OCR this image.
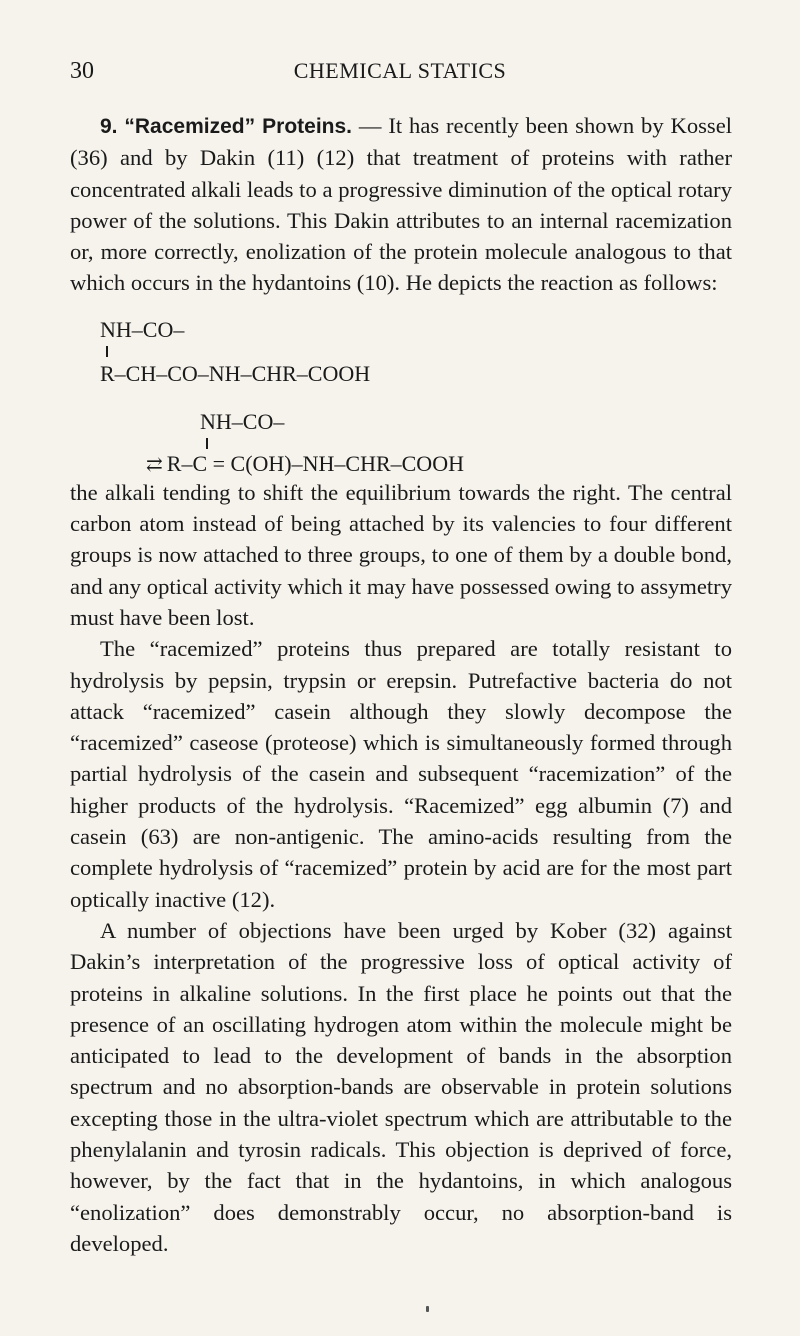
30	CHEMICAL STATICS

9. “Racemized” Proteins. — It has recently been shown by Kossel (36) and by Dakin (11) (12) that treatment of proteins with rather concentrated alkali leads to a progressive diminution of the optical rotary power of the solutions. This Dakin attributes to an internal racemization or, more correctly, enolization of the protein molecule analogous to that which occurs in the hydantoins (10). He depicts the reaction as follows:

NH–CO–
R–CH–CO–NH–CHR–COOH
NH–CO–
⇄ R–C = C(OH)–NH–CHR–COOH

the alkali tending to shift the equilibrium towards the right. The central carbon atom instead of being attached by its valencies to four different groups is now attached to three groups, to one of them by a double bond, and any optical activity which it may have possessed owing to assymetry must have been lost.

The “racemized” proteins thus prepared are totally resistant to hydrolysis by pepsin, trypsin or erepsin. Putrefactive bacteria do not attack “racemized” casein although they slowly decompose the “racemized” caseose (proteose) which is simultaneously formed through partial hydrolysis of the casein and subsequent “racemization” of the higher products of the hydrolysis. “Racemized” egg albumin (7) and casein (63) are non-antigenic. The amino-acids resulting from the complete hydrolysis of “racemized” protein by acid are for the most part optically inactive (12).

A number of objections have been urged by Kober (32) against Dakin’s interpretation of the progressive loss of optical activity of proteins in alkaline solutions. In the first place he points out that the presence of an oscillating hydrogen atom within the molecule might be anticipated to lead to the development of bands in the absorption spectrum and no absorption-bands are observable in protein solutions excepting those in the ultra-violet spectrum which are attributable to the phenylalanin and tyrosin radicals. This objection is deprived of force, however, by the fact that in the hydantoins, in which analogous “enolization” does demonstrably occur, no absorption-band is developed.
